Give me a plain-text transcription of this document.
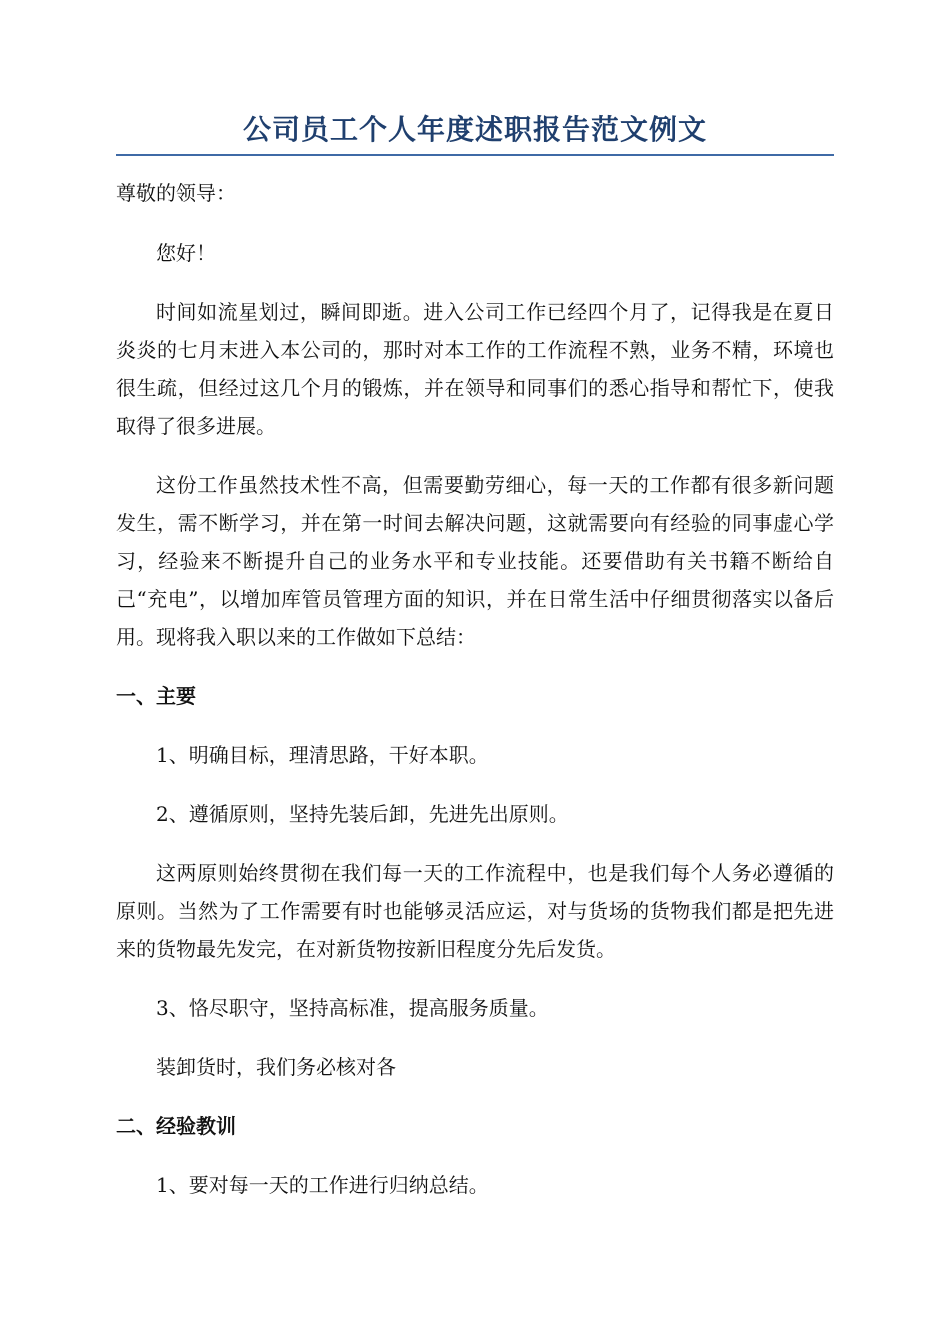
公司员工个人年度述职报告范文例文

尊敬的领导：

您好！

时间如流星划过，瞬间即逝。进入公司工作已经四个月了，记得我是在夏日炎炎的七月末进入本公司的，那时对本工作的工作流程不熟，业务不精，环境也很生疏，但经过这几个月的锻炼，并在领导和同事们的悉心指导和帮忙下，使我取得了很多进展。

这份工作虽然技术性不高，但需要勤劳细心，每一天的工作都有很多新问题发生，需不断学习，并在第一时间去解决问题，这就需要向有经验的同事虚心学习，经验来不断提升自己的业务水平和专业技能。还要借助有关书籍不断给自己“充电”，以增加库管员管理方面的知识，并在日常生活中仔细贯彻落实以备后用。现将我入职以来的工作做如下总结：

一、主要

1、明确目标，理清思路，干好本职。

2、遵循原则，坚持先装后卸，先进先出原则。

这两原则始终贯彻在我们每一天的工作流程中，也是我们每个人务必遵循的原则。当然为了工作需要有时也能够灵活应运，对与货场的货物我们都是把先进来的货物最先发完，在对新货物按新旧程度分先后发货。

3、恪尽职守，坚持高标准，提高服务质量。

装卸货时，我们务必核对各

二、经验教训

1、要对每一天的工作进行归纳总结。
